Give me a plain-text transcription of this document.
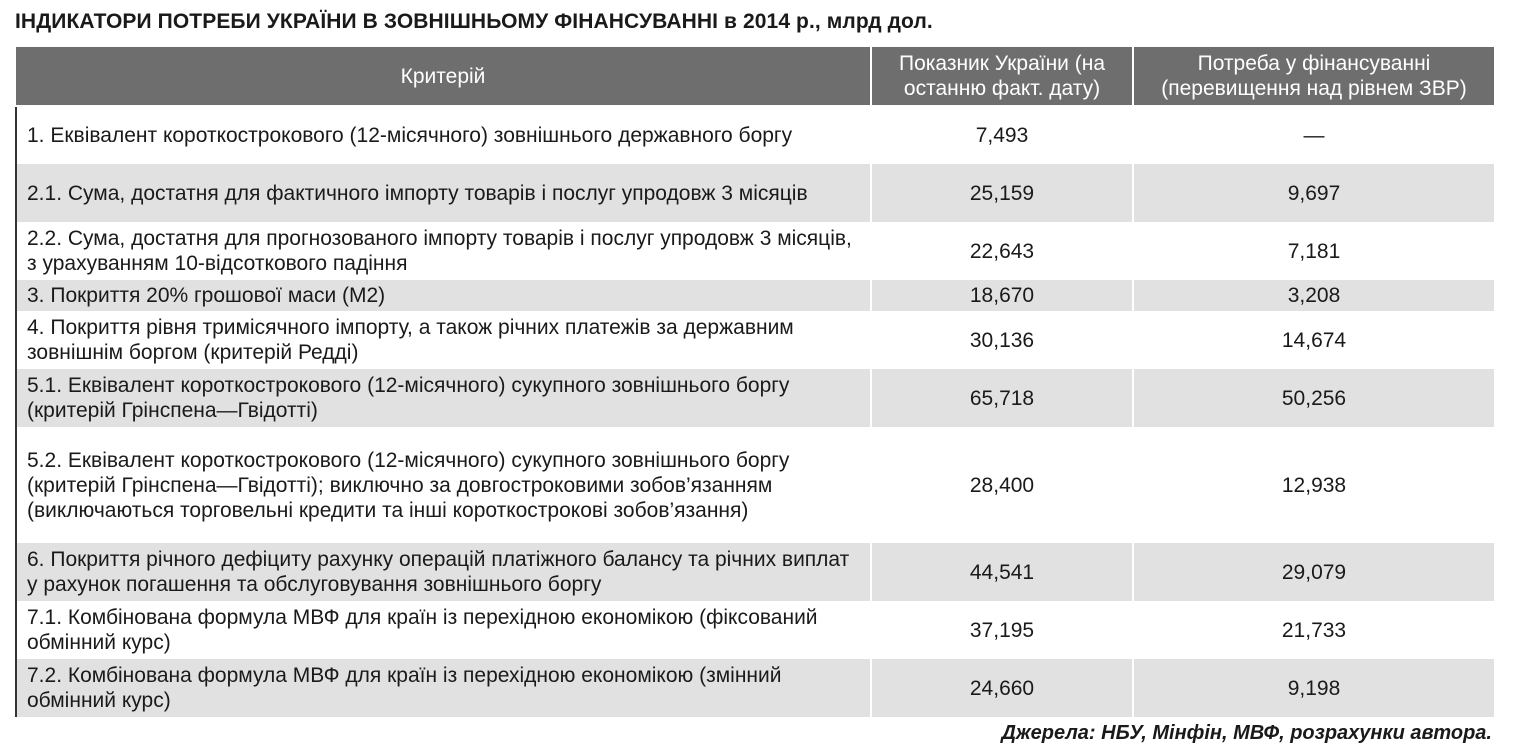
ІНДИКАТОРИ ПОТРЕБИ УКРАЇНИ В ЗОВНІШНЬОМУ ФІНАНСУВАННІ в 2014 р., млрд дол.
Критерій	Показник України (на останню факт. дату)	Потреба у фінансуванні (перевищення над рівнем ЗВР)
1. Еквівалент короткострокового (12-місячного) зовнішнього державного боргу	7,493	—
2.1. Сума, достатня для фактичного імпорту товарів і послуг упродовж 3 місяців	25,159	9,697
2.2. Сума, достатня для прогнозованого імпорту товарів і послуг упродовж 3 місяців, з урахуванням 10-відсоткового падіння	22,643	7,181
3. Покриття 20% грошової маси (М2)	18,670	3,208
4. Покриття рівня тримісячного імпорту, а також річних платежів за державним зовнішнім боргом (критерій Редді)	30,136	14,674
5.1. Еквівалент короткострокового (12-місячного) сукупного зовнішнього боргу (критерій Грінспена—Гвідотті)	65,718	50,256
5.2. Еквівалент короткострокового (12-місячного) сукупного зовнішнього боргу (критерій Грінспена—Гвідотті); виключно за довгостроковими зобов’язанням (виключаються торговельні кредити та інші короткострокові зобов’язання)	28,400	12,938
6. Покриття річного дефіциту рахунку операцій платіжного балансу та річних виплат у рахунок погашення та обслуговування зовнішнього боргу	44,541	29,079
7.1. Комбінована формула МВФ для країн із перехідною економікою (фіксований обмінний курс)	37,195	21,733
7.2. Комбінована формула МВФ для країн із перехідною економікою (змінний обмінний курс)	24,660	9,198
Джерела: НБУ, Мінфін, МВФ, розрахунки автора.
